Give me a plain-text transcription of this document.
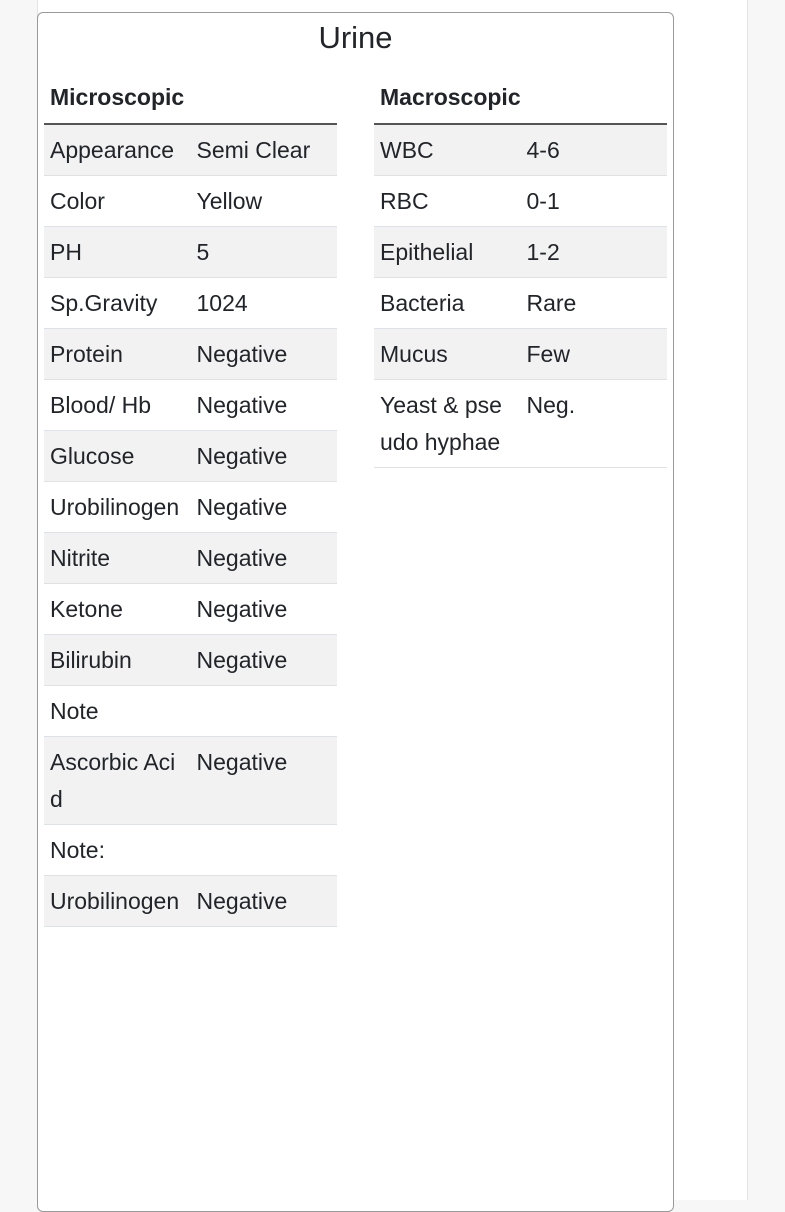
Urine
Microscopic	
Appearance	Semi Clear
Color	Yellow
PH	5
Sp.Gravity	1024
Protein	Negative
Blood/ Hb	Negative
Glucose	Negative
Urobilinogen	Negative
Nitrite	Negative
Ketone	Negative
Bilirubin	Negative
Note	
Ascorbic Acid	Negative
Note:	
Urobilinogen	Negative
Macroscopic	
WBC	4-6
RBC	0-1
Epithelial	1-2
Bacteria	Rare
Mucus	Few
Yeast & pseudo hyphae	Neg.
